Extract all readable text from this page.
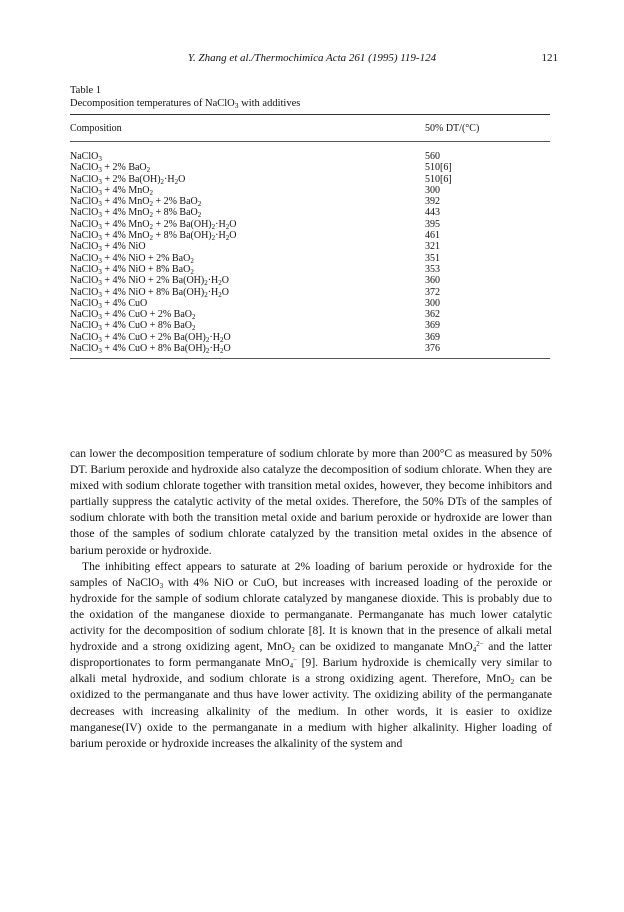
Y. Zhang et al./Thermochimica Acta 261 (1995) 119-124	121
Table 1
Decomposition temperatures of NaClO$_3$ with additives
Composition	50% DT/(°C)
NaClO$_3$	560
NaClO$_3$ + 2% BaO$_2$	510[6]
NaClO$_3$ + 2% $Ba(OH)_2\cdot H_2O$	510[6]
NaClO$_3$ + 4% MnO$_2$	300
NaClO$_3$ + 4% MnO$_2$ + 2% BaO$_2$	392
NaClO$_3$ + 4% MnO$_2$ + 8% BaO$_2$	443
NaClO$_3$ + 4% MnO$_2$ + 2% $Ba(OH)_2\cdot H_2O$	395
NaClO$_3$ + 4% MnO$_2$ + 8% $Ba(OH)_2\cdot H_2O$	461
NaClO$_3$ + 4% NiO	321
NaClO$_3$ + 4% NiO + 2% BaO$_2$	351
NaClO$_3$ + 4% NiO + 8% BaO$_2$	353
NaClO$_3$ + 4% NiO + 2% $Ba(OH)_2\cdot H_2O$	360
NaClO$_3$ + 4% NiO + 8% $Ba(OH)_2\cdot H_2O$	372
NaClO$_3$ + 4% CuO	300
NaClO$_3$ + 4% CuO + 2% BaO$_2$	362
NaClO$_3$ + 4% CuO + 8% BaO$_2$	369
NaClO$_3$ + 4% CuO + 2% $Ba(OH)_2\cdot H_2O$	369
NaClO$_3$ + 4% CuO + 8% $Ba(OH)_2\cdot H_2O$	376

can lower the decomposition temperature of sodium chlorate by more than 200°C as measured by 50% DT. Barium peroxide and hydroxide also catalyze the decomposition of sodium chlorate. When they are mixed with sodium chlorate together with transition metal oxides, however, they become inhibitors and partially suppress the catalytic activity of the metal oxides. Therefore, the 50% DTs of the samples of sodium chlorate with both the transition metal oxide and barium peroxide or hydroxide are lower than those of the samples of sodium chlorate catalyzed by the transition metal oxides in the absence of barium peroxide or hydroxide.

The inhibiting effect appears to saturate at 2% loading of barium peroxide or hydroxide for the samples of NaClO$_3$ with 4% NiO or CuO, but increases with increased loading of the peroxide or hydroxide for the sample of sodium chlorate catalyzed by manganese dioxide. This is probably due to the oxidation of the manganese dioxide to permanganate. Permanganate has much lower catalytic activity for the decomposition of sodium chlorate [8]. It is known that in the presence of alkali metal hydroxide and a strong oxidizing agent, MnO$_2$ can be oxidized to manganate MnO$_4^{2-}$ and the latter disproportionates to form permanganate MnO$_4$− [9]. Barium hydroxide is chemically very similar to alkali metal hydroxide, and sodium chlorate is a strong oxidizing agent. Therefore, MnO$_2$ can be oxidized to the permanganate and thus have lower activity. The oxidizing ability of the permanganate decreases with increasing alkalinity of the medium. In other words, it is easier to oxidize manganese(IV) oxide to the permanganate in a medium with higher alkalinity. Higher loading of barium peroxide or hydroxide increases the alkalinity of the system and
